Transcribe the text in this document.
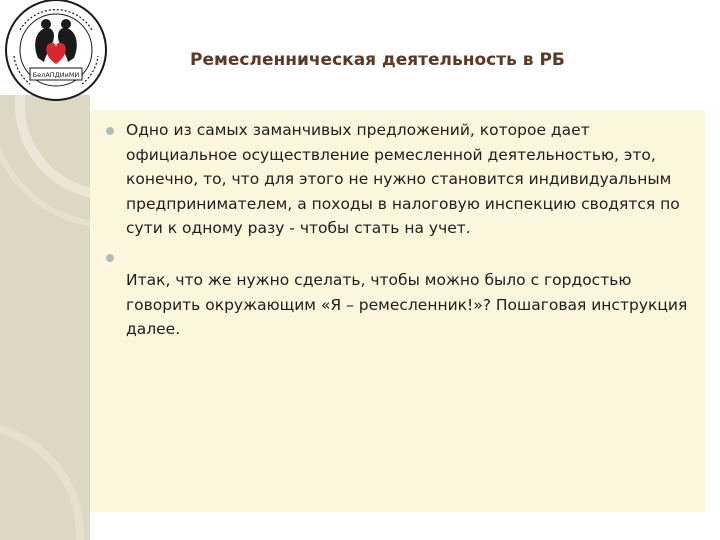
БелАПДИиМИ
Ремесленническая деятельность в РБ
Одно из самых заманчивых предложений, которое дает официальное осуществление ремесленной деятельностью, это, конечно, то, что для этого не нужно становится индивидуальным предпринимателем, а походы в налоговую инспекцию сводятся по сути к одному разу - чтобы стать на учет.
Итак, что же нужно сделать, чтобы можно было с гордостью говорить окружающим «Я – ремесленник!»? Пошаговая инструкция далее.
